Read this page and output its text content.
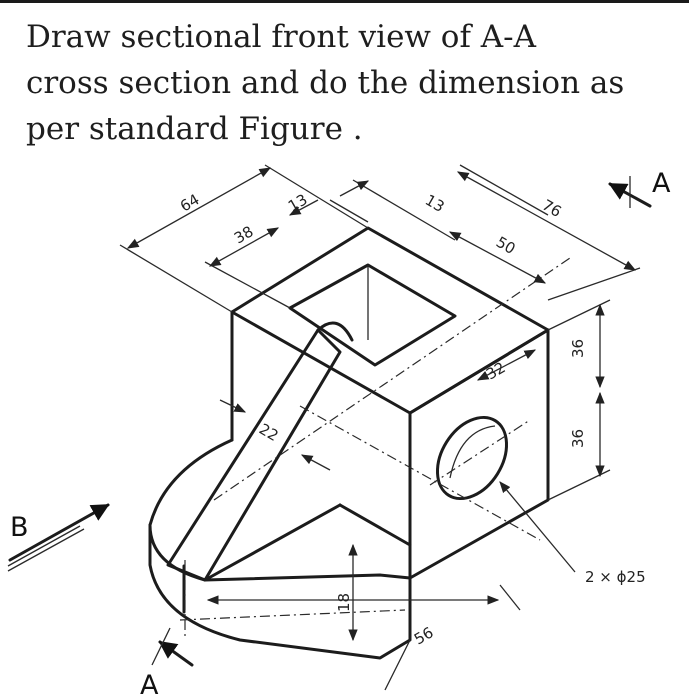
64	13
38
13	76
50
36
36
32
22
18
56
2 × ϕ25
A
A
B
Draw sectional front view of A-A
cross section and do the dimension as
per standard Figure .
